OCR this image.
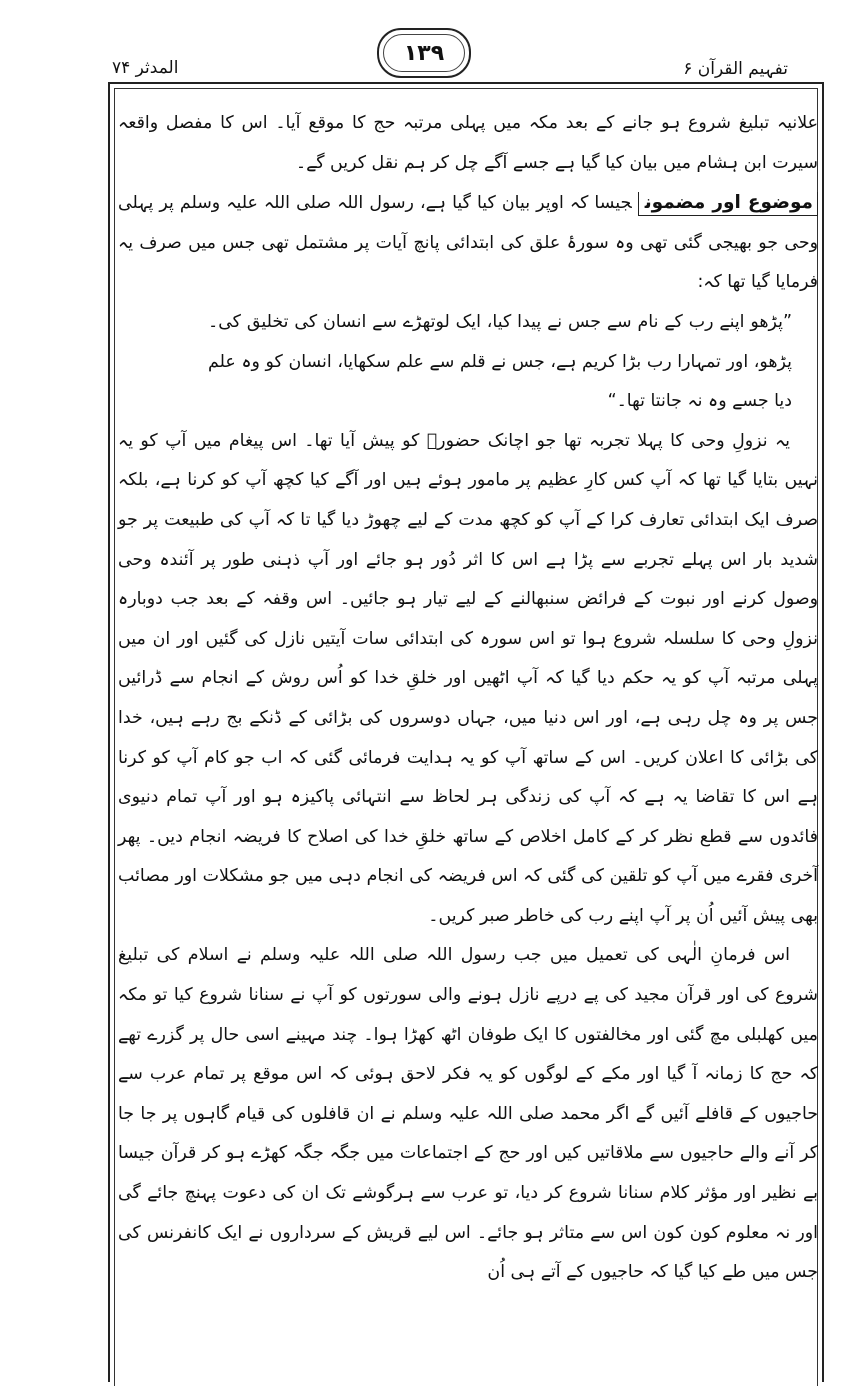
المدثر ۷۴
۱۳۹
تفہیم القرآن ۶

علانیہ تبلیغ شروع ہو جانے کے بعد مکہ میں پہلی مرتبہ حج کا موقع آیا۔ اس کا مفصل واقعہ سیرت ابن ہشام میں بیان کیا گیا ہے جسے آگے چل کر ہم نقل کریں گے۔

موضوع اور مضمونجیسا کہ اوپر بیان کیا گیا ہے، رسول اللہ صلی اللہ علیہ وسلم پر پہلی وحی جو بھیجی گئی تھی وہ سورۂ علق کی ابتدائی پانچ آیات پر مشتمل تھی جس میں صرف یہ فرمایا گیا تھا کہ:

”پڑھو اپنے رب کے نام سے جس نے پیدا کیا، ایک لوتھڑے سے انسان کی تخلیق کی۔ پڑھو، اور تمہارا رب بڑا کریم ہے، جس نے قلم سے علم سکھایا، انسان کو وہ علم دیا جسے وہ نہ جانتا تھا۔“

یہ نزولِ وحی کا پہلا تجربہ تھا جو اچانک حضورؐ کو پیش آیا تھا۔ اس پیغام میں آپ کو یہ نہیں بتایا گیا تھا کہ آپ کس کارِ عظیم پر مامور ہوئے ہیں اور آگے کیا کچھ آپ کو کرنا ہے، بلکہ صرف ایک ابتدائی تعارف کرا کے آپ کو کچھ مدت کے لیے چھوڑ دیا گیا تا کہ آپ کی طبیعت پر جو شدید بار اس پہلے تجربے سے پڑا ہے اس کا اثر دُور ہو جائے اور آپ ذہنی طور پر آئندہ وحی وصول کرنے اور نبوت کے فرائض سنبھالنے کے لیے تیار ہو جائیں۔ اس وقفہ کے بعد جب دوبارہ نزولِ وحی کا سلسلہ شروع ہوا تو اس سورہ کی ابتدائی سات آیتیں نازل کی گئیں اور ان میں پہلی مرتبہ آپ کو یہ حکم دیا گیا کہ آپ اٹھیں اور خلقِ خدا کو اُس روش کے انجام سے ڈرائیں جس پر وہ چل رہی ہے، اور اس دنیا میں، جہاں دوسروں کی بڑائی کے ڈنکے بج رہے ہیں، خدا کی بڑائی کا اعلان کریں۔ اس کے ساتھ آپ کو یہ ہدایت فرمائی گئی کہ اب جو کام آپ کو کرنا ہے اس کا تقاضا یہ ہے کہ آپ کی زندگی ہر لحاظ سے انتہائی پاکیزہ ہو اور آپ تمام دنیوی فائدوں سے قطع نظر کر کے کامل اخلاص کے ساتھ خلقِ خدا کی اصلاح کا فریضہ انجام دیں۔ پھر آخری فقرے میں آپ کو تلقین کی گئی کہ اس فریضہ کی انجام دہی میں جو مشکلات اور مصائب بھی پیش آئیں اُن پر آپ اپنے رب کی خاطر صبر کریں۔

اس فرمانِ الٰہی کی تعمیل میں جب رسول اللہ صلی اللہ علیہ وسلم نے اسلام کی تبلیغ شروع کی اور قرآن مجید کی پے درپے نازل ہونے والی سورتوں کو آپ نے سنانا شروع کیا تو مکہ میں کھلبلی مچ گئی اور مخالفتوں کا ایک طوفان اٹھ کھڑا ہوا۔ چند مہینے اسی حال پر گزرے تھے کہ حج کا زمانہ آ گیا اور مکے کے لوگوں کو یہ فکر لاحق ہوئی کہ اس موقع پر تمام عرب سے حاجیوں کے قافلے آئیں گے اگر محمد صلی اللہ علیہ وسلم نے ان قافلوں کی قیام گاہوں پر جا جا کر آنے والے حاجیوں سے ملاقاتیں کیں اور حج کے اجتماعات میں جگہ جگہ کھڑے ہو کر قرآن جیسا بے نظیر اور مؤثر کلام سنانا شروع کر دیا، تو عرب سے ہرگوشے تک ان کی دعوت پہنچ جائے گی اور نہ معلوم کون کون اس سے متاثر ہو جائے۔ اس لیے قریش کے سرداروں نے ایک کانفرنس کی جس میں طے کیا گیا کہ حاجیوں کے آتے ہی اُن
